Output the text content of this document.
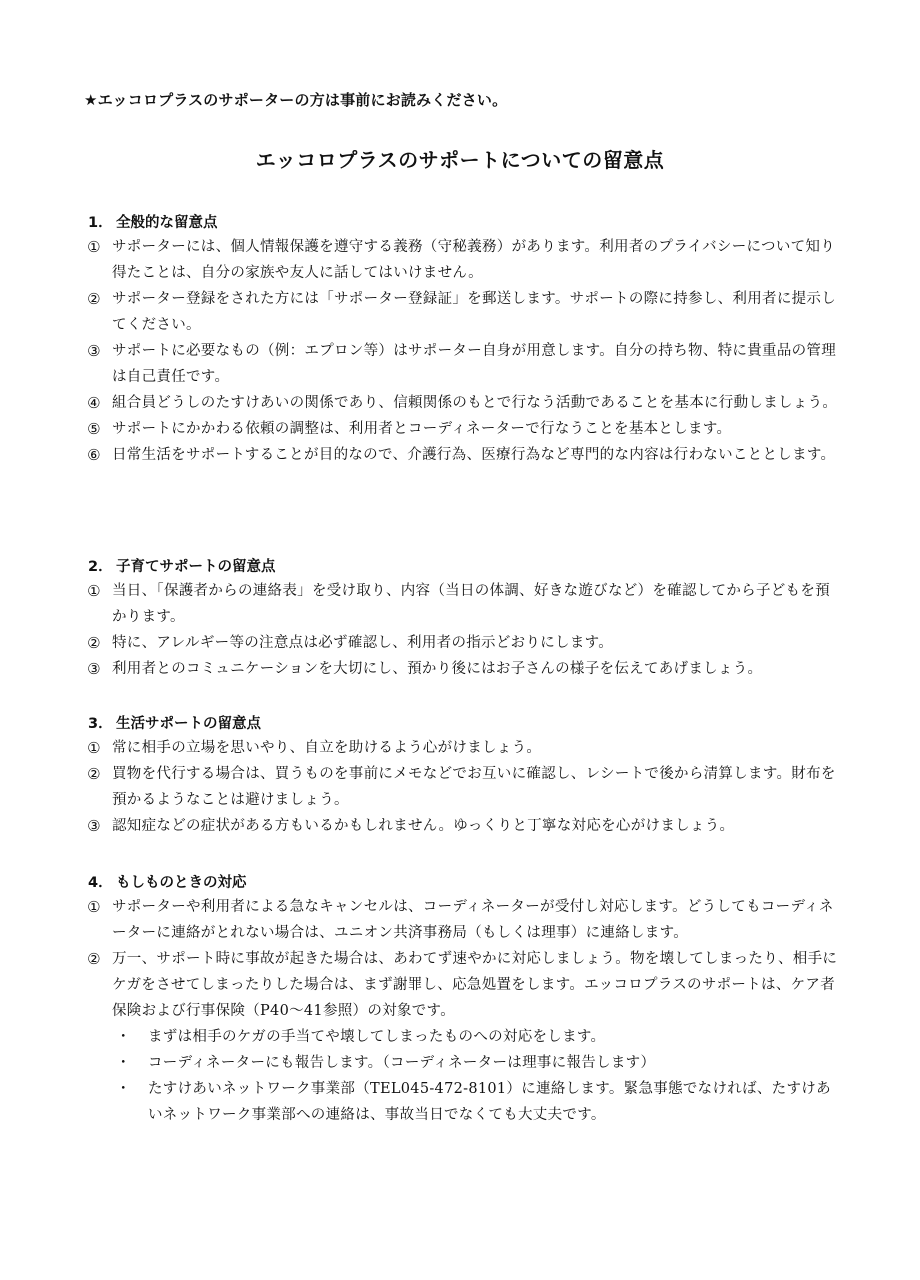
★エッコロプラスのサポーターの方は事前にお読みください。
エッコロプラスのサポートについての留意点
1． 全般的な留意点
① サポーターには、個人情報保護を遵守する義務（守秘義務）があります。利用者のプライバシーについて知り得たことは、自分の家族や友人に話してはいけません。
② サポーター登録をされた方には「サポーター登録証」を郵送します。サポートの際に持参し、利用者に提示してください。
③ サポートに必要なもの（例：エプロン等）はサポーター自身が用意します。自分の持ち物、特に貴重品の管理は自己責任です。
④ 組合員どうしのたすけあいの関係であり、信頼関係のもとで行なう活動であることを基本に行動しましょう。
⑤ サポートにかかわる依頼の調整は、利用者とコーディネーターで行なうことを基本とします。
⑥ 日常生活をサポートすることが目的なので、介護行為、医療行為など専門的な内容は行わないこととします。
2． 子育てサポートの留意点
① 当日、「保護者からの連絡表」を受け取り、内容（当日の体調、好きな遊びなど）を確認してから子どもを預かります。
② 特に、アレルギー等の注意点は必ず確認し、利用者の指示どおりにします。
③ 利用者とのコミュニケーションを大切にし、預かり後にはお子さんの様子を伝えてあげましょう。
3． 生活サポートの留意点
① 常に相手の立場を思いやり、自立を助けるよう心がけましょう。
② 買物を代行する場合は、買うものを事前にメモなどでお互いに確認し、レシートで後から清算します。財布を預かるようなことは避けましょう。
③ 認知症などの症状がある方もいるかもしれません。ゆっくりと丁寧な対応を心がけましょう。
4． もしものときの対応
① サポーターや利用者による急なキャンセルは、コーディネーターが受付し対応します。どうしてもコーディネーターに連絡がとれない場合は、ユニオン共済事務局（もしくは理事）に連絡します。
② 万一、サポート時に事故が起きた場合は、あわてず速やかに対応しましょう。物を壊してしまったり、相手にケガをさせてしまったりした場合は、まず謝罪し、応急処置をします。エッコロプラスのサポートは、ケア者保険および行事保険（P40～41参照）の対象です。
・ まずは相手のケガの手当てや壊してしまったものへの対応をします。
・ コーディネーターにも報告します。（コーディネーターは理事に報告します）
・ たすけあいネットワーク事業部（TEL045-472-8101）に連絡します。緊急事態でなければ、たすけあいネットワーク事業部への連絡は、事故当日でなくても大丈夫です。
